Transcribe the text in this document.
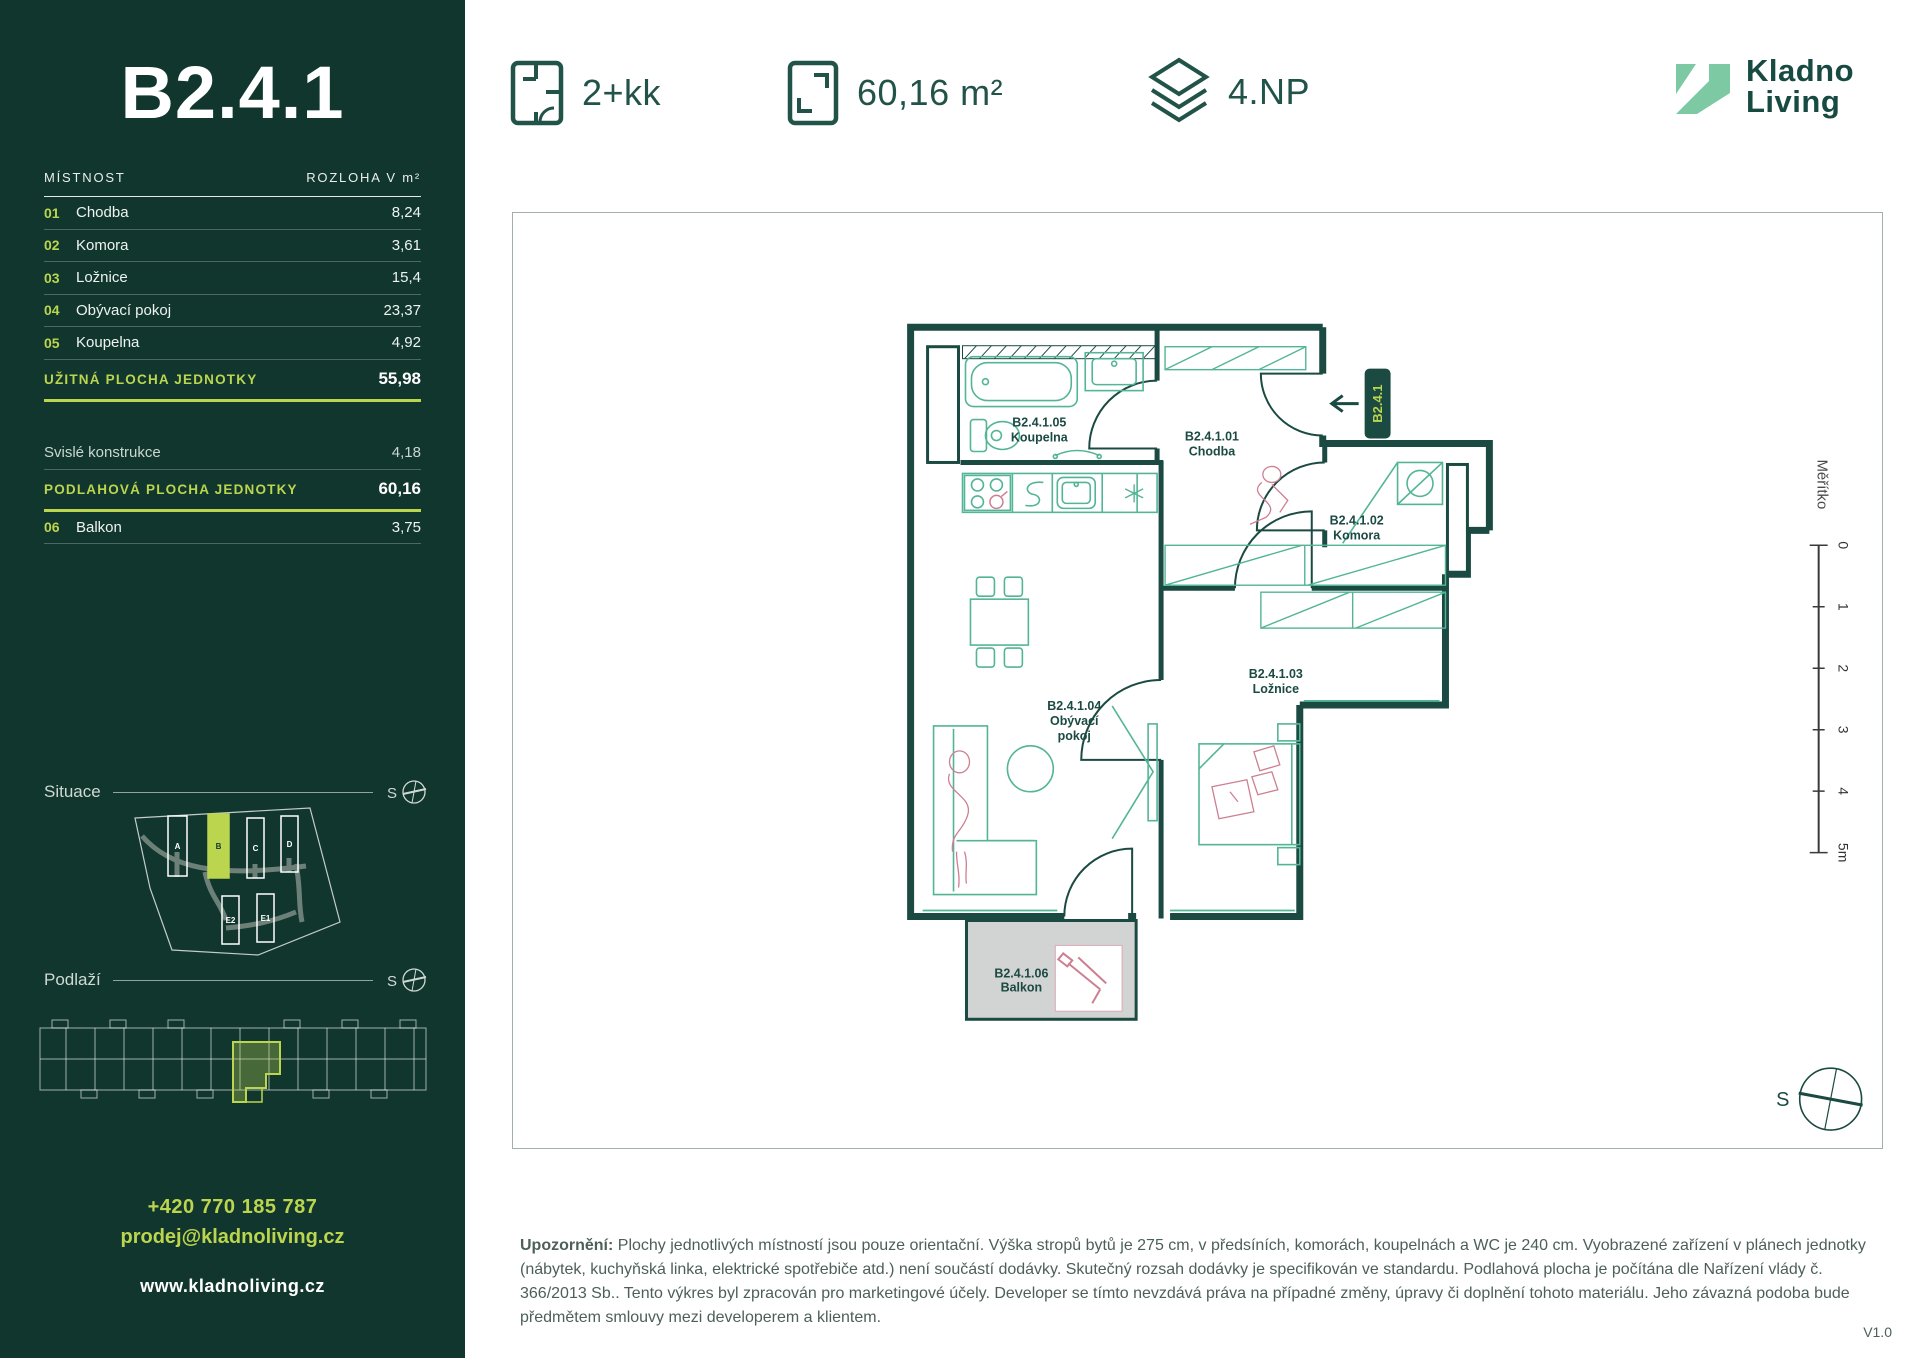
B2.4.1
MÍSTNOST	ROZLOHA V m²
01	Chodba	8,24
02	Komora	3,61
03	Ložnice	15,4
04	Obývací pokoj	23,37
05	Koupelna	4,92
UŽITNÁ PLOCHA JEDNOTKY	55,98
Svislé konstrukce	4,18
PODLAHOVÁ PLOCHA JEDNOTKY	60,16
06	Balkon	3,75
Situace	S
A	B	C	D
E2	E1
Podlaží	S
+420 770 185 787
prodej@kladnoliving.cz
www.kladnoliving.cz
2+kk	60,16 m²	4.NP
Kladno
Living
B2.4.1
B2.4.1.01
Chodba
B2.4.1.02
Komora
B2.4.1.03
Ložnice
B2.4.1.04
Obývací
pokoj
B2.4.1.05
Koupelna
B2.4.1.06
Balkon
Měřítko
0
1
2
3
4
5m
S

Upozornění: Plochy jednotlivých místností jsou pouze orientační. Výška stropů bytů je 275 cm, v předsíních, komorách, koupelnách a WC je 240 cm. Vyobrazené zařízení v plánech jednotky (nábytek, kuchyňská linka, elektrické spotřebiče atd.) není součástí dodávky. Skutečný rozsah dodávky je specifikován ve standardu. Podlahová plocha je počítána dle Nařízení vlády č. 366/2013 Sb.. Tento výkres byl zpracován pro marketingové účely. Developer se tímto nevzdává práva na případné změny, úpravy či doplnění tohoto materiálu. Jeho závazná podoba bude předmětem smlouvy mezi developerem a klientem.

V1.0
